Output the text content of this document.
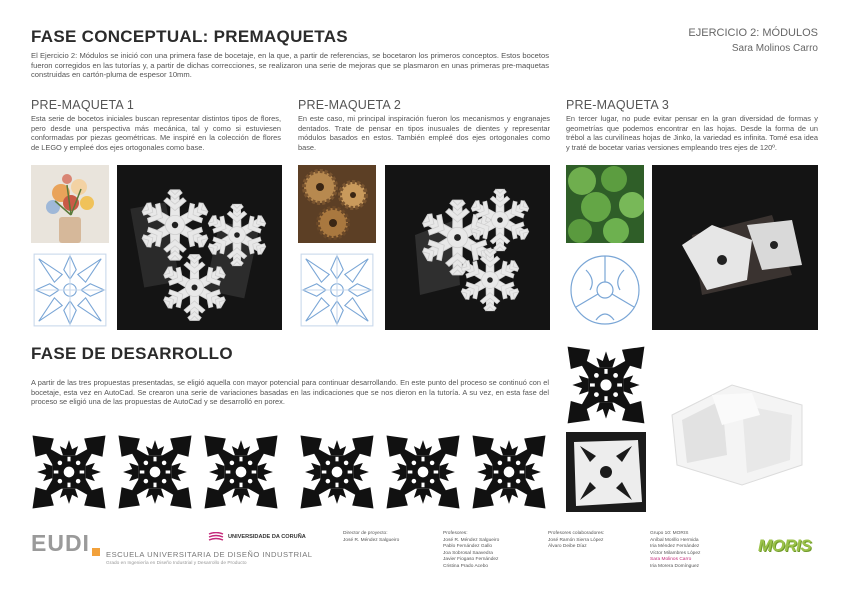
FASE CONCEPTUAL: PREMAQUETAS	EJERCICIO 2: MÓDULOS
Sara Molinos Carro
El Ejercicio 2: Módulos se inició con una primera fase de bocetaje, en la que, a partir de referencias, se bocetaron los primeros conceptos. Estos bocetos fueron corregidos en las tutorías y, a partir de dichas correcciones, se realizaron una serie de mejoras que se plasmaron en unas primeras pre-maquetas construidas en cartón-pluma de espesor 10mm.
PRE-MAQUETA 1
Esta serie de bocetos iniciales buscan representar distintos tipos de flores, pero desde una perspectiva más mecánica, tal y como si estuviesen conformadas por piezas geométricas. Me inspiré en la colección de flores de LEGO y empleé dos ejes ortogonales como base.
PRE-MAQUETA 2
En este caso, mi principal inspiración fueron los mecanismos y engranajes dentados. Trate de pensar en tipos inusuales de dientes y representar módulos basados en estos. También empleé dos ejes ortogonales como base.
PRE-MAQUETA 3
En tercer lugar, no pude evitar pensar en la gran diversidad de formas y geometrías que podemos encontrar en las hojas. Desde la forma de un trébol a las curvilíneas hojas de Jinko, la variedad es infinita. Tomé esa idea y traté de bocetar varias versiones empleando tres ejes de 120º.
FASE DE DESARROLLO
A partir de las tres propuestas presentadas, se eligió aquella con mayor potencial para continuar desarrollando. En este punto del proceso se continuó con el bocetaje, esta vez en AutoCad. Se crearon una serie de variaciones basadas en las indicaciones que se nos dieron en la tutoría. A su vez, en esta fase del proceso se eligió una de las propuestas de AutoCad y se desarrolló en porex.
EUDI ESCUELA UNIVERSITARIA DE DISEÑO INDUSTRIAL
Grado en Ingeniería en Diseño Industrial y Desarrollo de Producto
UNIVERSIDADE DA CORUÑA
Director de proyecto:
José R. Méndez Salgueiro
Profesores:
José R. Méndez Salgueiro
Pablo Fernández Gallo
Joa Sobrosal Saavedra
Javier Fiogaso Fernández
Cristina Prado Acebo
Profesores colaboradores:
José Ramón Sierra López
Álvaro Deibe Díaz
Grupo 10: MORIS
Aníbal Morillo Hermida
Iria Méndez Fernández
Víctor Milambres López
Sara Molinos Carro
Iria Morera Domínguez
MORIS
